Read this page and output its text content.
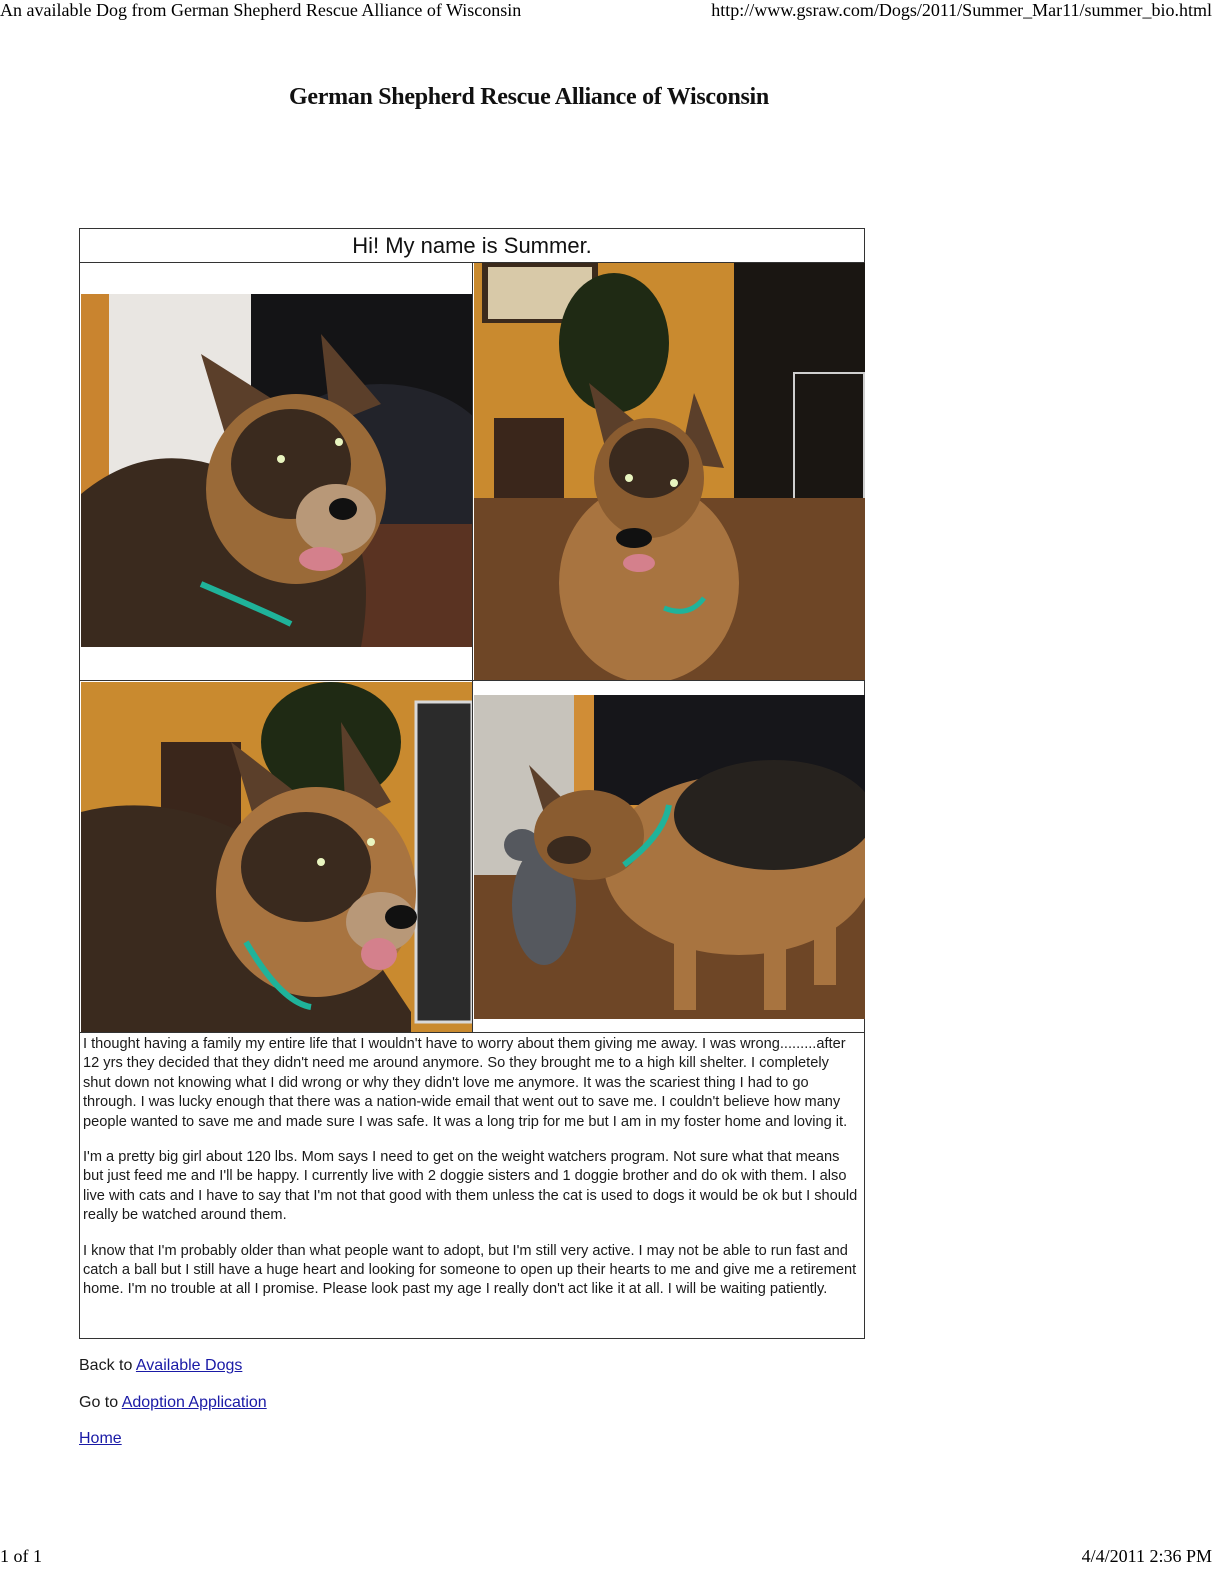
An available Dog from German Shepherd Rescue Alliance of Wisconsin	http://www.gsraw.com/Dogs/2011/Summer_Mar11/summer_bio.html
German Shepherd Rescue Alliance of Wisconsin
Hi! My name is Summer.

I thought having a family my entire life that I wouldn't have to worry about them giving me away. I was wrong.........after 12 yrs they decided that they didn't need me around anymore. So they brought me to a high kill shelter. I completely shut down not knowing what I did wrong or why they didn't love me anymore. It was the scariest thing I had to go through. I was lucky enough that there was a nation-wide email that went out to save me. I couldn't believe how many people wanted to save me and made sure I was safe. It was a long trip for me but I am in my foster home and loving it.

I'm a pretty big girl about 120 lbs. Mom says I need to get on the weight watchers program. Not sure what that means but just feed me and I'll be happy. I currently live with 2 doggie sisters and 1 doggie brother and do ok with them. I also live with cats and I have to say that I'm not that good with them unless the cat is used to dogs it would be ok but I should really be watched around them.

I know that I'm probably older than what people want to adopt, but I'm still very active. I may not be able to run fast and catch a ball but I still have a huge heart and looking for someone to open up their hearts to me and give me a retirement home. I'm no trouble at all I promise. Please look past my age I really don't act like it at all. I will be waiting patiently.

Back to Available Dogs
Go to Adoption Application
Home
1 of 1	4/4/2011 2:36 PM
